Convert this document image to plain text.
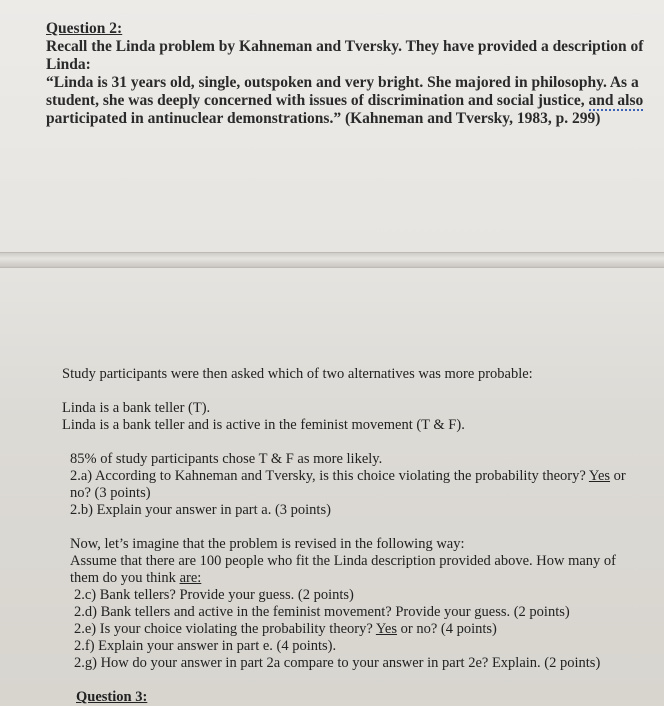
Question 2:
Recall the Linda problem by Kahneman and Tversky. They have provided a description of Linda:
“Linda is 31 years old, single, outspoken and very bright. She majored in philosophy. As a student, she was deeply concerned with issues of discrimination and social justice, and also participated in antinuclear demonstrations.” (Kahneman and Tversky, 1983, p. 299)

Study participants were then asked which of two alternatives was more probable:

Linda is a bank teller (T).

Linda is a bank teller and is active in the feminist movement (T & F).

85% of study participants chose T & F as more likely.

2.a) According to Kahneman and Tversky, is this choice violating the probability theory? Yes or no? (3 points)

2.b) Explain your answer in part a. (3 points)

Now, let’s imagine that the problem is revised in the following way:

Assume that there are 100 people who fit the Linda description provided above. How many of them do you think are:

2.c) Bank tellers? Provide your guess. (2 points)

2.d) Bank tellers and active in the feminist movement? Provide your guess. (2 points)

2.e) Is your choice violating the probability theory? Yes or no? (4 points)

2.f) Explain your answer in part e. (4 points).

2.g) How do your answer in part 2a compare to your answer in part 2e? Explain. (2 points)

Question 3:
